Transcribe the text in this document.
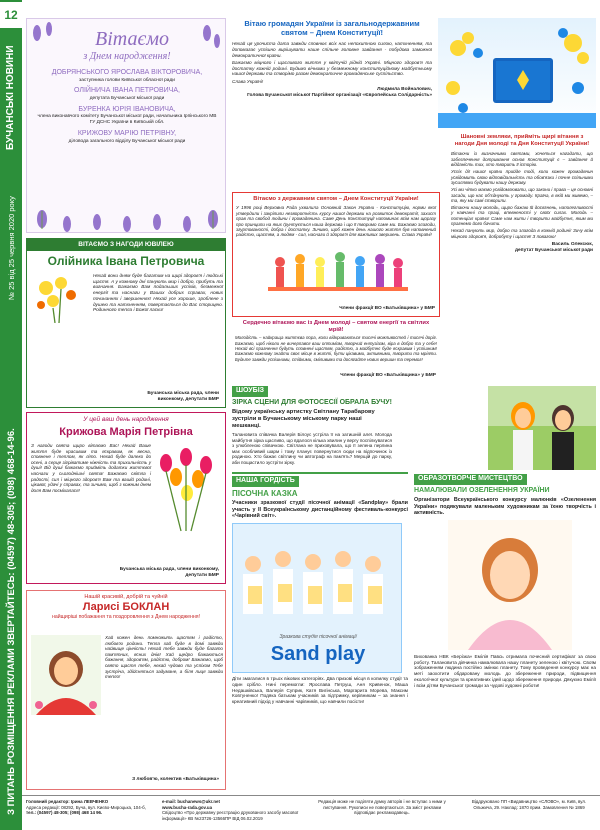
12
БУЧАНСЬКІ НОВИНИ
№ 25 від 25 червня 2020 року
З ПИТАНЬ РОЗМІЩЕННЯ РЕКЛАМИ ЗВЕРТАЙТЕСЬ: (04597) 48-305; (098) 468-14-96.
Вітаємо
з Днем народження!
ДОБРЯНСЬКОГО ЯРОСЛАВА ВІКТОРОВИЧА,
заступника голови Київської обласної ради
ОЛІЙНИЧА ІВАНА ПЕТРОВИЧА,
депутата Бучанської міської ради
БУРЕНКА ЮРІЯ ІВАНОВИЧА,
члена виконавчого комітету Бучанської міської ради, начальника Ірпінського МВ ГУ ДСНС України в Київській обл.
КРИЖОВУ МАРІЮ ПЕТРІВНУ,
діловода загального відділу Бучанської міської ради
Вітаю громадян України із загальнодержавним святом – Днем Конституції!

Нехай ця урочиста дата завжди сповнює всіх нас непохитною силою, натхненням, та допомагає успішно вирішувати наше спільне головне завдання - побудова заможної демократичної країни.

Бажаємо міцного і щасливого життя у квітучій рідній Україні. Міцного здоров'я та достатку кожній родині. Будьмо вічними у безмежному конституційному майбутньому нашої держави та створімо разом демократичне громадянське суспільство.

Слава Україні!

Людмила Войналович,
Голова Бучанської міської Партійної організації «Європейська Солідарність»
Вітаємо з державним святом – Днем Конституції України!
У 1996 році Верховна Рада ухвалила Основний Закон України - Конституцію, норми якої утвердили і закріпили незворотність курсу нашої держави на розвиток демократії, захист прав та свобод людини і громадянина. Саме День Конституції напоминає всім нам щоразу про принципи на яких ґрунтується наша держава і що її творимо саме ми. Бажаємо злагоди, згуртованості, добра і достатку. Зичимо, щоб кожен день нашого життя був наповнений радістю, щастям, а людям - сил, наснаги й здоров'я для важливих звершень. Слава Україні!
Члени фракції ВО «Батьківщина» у БМР
Сердечно вітаємо вас із Днем молоді – святом енергії та світлих мрій!
Молодість – найкраща життєва пора, коли відкриваються тисячі можливостей і тисячі доріг. Бажаємо, щоб ніколи не вичерпався ваш оптимізм, творчий ентузіазм, віра в добро та у себе! Нехай всі прагнення будуть сповнені щастям, радістю, а майбутнє буде яскравим і успішним! Бажаємо кожному знайти своє місце в житті, бути цікавими, активними, творити та мріяти. Будьте завжди успішними, стійкими, сміливими та досягайте нових вершин та перемог!
Члени фракції ВО «Батьківщина» у БМР
Шановні земляки, прийміть щирі вітання з нагоди Дня молоді та Дня Конституції України!

Вітаючи із визначними святами, хочеться нагадати, що забезпечення дотримання основ Конституції є – завдання й відданість тих, хто творить її історію.

Успіх дії нашої країни прийде тоді, коли кожен громадянин усвідомить свою відповідальність та обов'язки і почне спільними зусиллями будувати нашу державу.

Усі ми чітко маємо усвідомлювати, що закони і права – це основні засади, що нас об'єднують у громаду. Країна, в якій ми живемо, – та, яку ми самі створили.

Вітаючи нашу молодь, щиро бажаю їй досягнень, наполегливості у навчанні та праці, впевненості у своїх силах. Молодь – потенціал країни! Саме нам жити і творити майбутнє, яким ми прагнемо його бачити.

Нехай панують мир, добро та злагода в кожній родині! Зичу всім міцного здоров'я, добробуту і щастя! З повагою!

Василь Олексюк,
депутат Бучанської міської ради
ВІТАЄМО З НАГОДИ ЮВІЛЕЮ
Олійника Івана Петровича
Нехай вони дням буде багатим на щирі здоров'я і людські щастя. А у кожному дні панують мир і добро, прибуть та вигнання. Бажаємо Вам подальших успіхів, безмежної енергії та наснаги у Ваших добрих справах, нових починаннях і звершеннях! Нехай усе хороше, зроблене з душею та натхненням, повертається до Вас сторицею. Родинного тепла і Божої ласки!
Бучанська міська рада, члени виконкому, депутати БМР
У цей ваш день народження
Крижова Марія Петрівна
З нагоди свята щиро вітаємо Вас! Нехай Ваше життя буде красивим та яскравим, як весна, сповнене і теплом, як літо. Нехай буде далеко до осені, а серце зігріватиме ніжність та прихильність у душі! Від душі бажаємо прийміть додатки життєвої наснаги у сьогоднішні свята! Бажаємо світла і радості, сил і міцного здоров'я Вам та вашій родині, цікавої, удачі у справах, та зичимо, щоб з кожним днем доля Вам посміхалася!
Бучанська міська рада, члени виконкому, депутати БМР
Нашій красивій, добрій та чуйній
Ларисі БОКЛАН
найщиріші побажання та поздоровлення з Днем народження!
Хай кожен день помножить щастям і радістю, любов'ю родини. Тепла хай буде в домі завжди найвище цінність! Нехай тебе завжди буде багато пам'ятних, ясних днів! Хай щедро бажаються бажання, здоров'ям, радістю, добром! Бажаємо, щоб свято щастя тебе, нехай чудово та успіхом Тебе зустріча, здійсняться задумане, а біля лиця завжди тепло!
З любов'ю, колектив «Батьківщина»
ШОУБІЗ
ЗІРКА СЦЕНИ ДЛЯ ФОТОСЕСІЇ ОБРАЛА БУЧУ!
Відому українську артистку Світлану Тарабарову зустріли в Бучанському міському парку наші мешканці.
Талановита співачка Валерія Білоус устріла її на затишній алеї. Молода майбутня зірка щасливо, що вдалося кілька хвилин у вергу поспілкуватися з улюбленою співачкою. Світлана не приховувала, що її зелена перлина має особливий шарм і тому планує повернутися сюди на відпочинок із родиною. Хто бажає світлину чи автограф на пам'ять? Мерщій до парку, аби пощастило зустріти зірку.
НАША ГОРДІСТЬ
ПІСОЧНА КАЗКА
Учасники зразкової студії пісочної анімації «Sandplay» брали участь у ІІ Всеукраїнському дистанційному фестиваль-конкурсі «Чарівний світ».
Зразкова студія пісочної анімації
Sand play
Діти змагалися в трьох вікових категоріях. Два призові місця в копилку студії та один срібло. Нині перемогли: Ярослава Петруш, Аня Кривенок, Маша Недашківська, Валерія Суприк, Катя Вигінська, Маргарита Морева, Максим Ковтуненко! Подяка батькам учасників за підтримку, керівникам – за знання і креативний підхід у навчанні чарівників, що навчили посісти!
ОБРАЗОТВОРЧЕ МИСТЕЦТВО
НАМАЛЮВАЛИ ОЗЕЛЕНЕННЯ УКРАЇНИ
Організатори Всеукраїнського конкурсу малюнків «Озеленення України» подякували маленьким художникам за їхню творчість і активність.
Вихованка НВК «Берізка» Емілія Павсь отримала почесний сертифікат за свою роботу. Талановита дівчинка намалювала нашу планету зеленою і квітучою. Своїм зображенням людина постійно змінює планету. Тому проведення конкурсу має на меті заохотити обдаровану молодь до збереження природи, підвищення екологічної культури та креативних ідей щодо збереження природи. Дякуємо Емілії і всім дітям Бучанської громади за чудові художні роботи!
Головний редактор: Ірина ЛЕВЧЕНКО
Адреса редакції: 08292, Буча, вул. Києво-Мироцька, 104-б,
тел.: (04597) 48-305; (098) 468 14 96.
e-mail: buchanews@ukr.net
www.bucha-rada.gov.ua
Свідоцтво «Про державну реєстрацію друкованого засобу масової інформації» КВ №23726-13566ПР ВІД 06.02.2019
Редакція може не поділяти думку авторів і не вступає з ними у листування. Рукописи не повертаються. За зміст реклами відповідає рекламодавець.
Віддруковано ПП «Видавництво «СЛОВО», м. Київ, вул. Ольжича, 29. Наклад: 1870 прим. Замовлення № 1869
